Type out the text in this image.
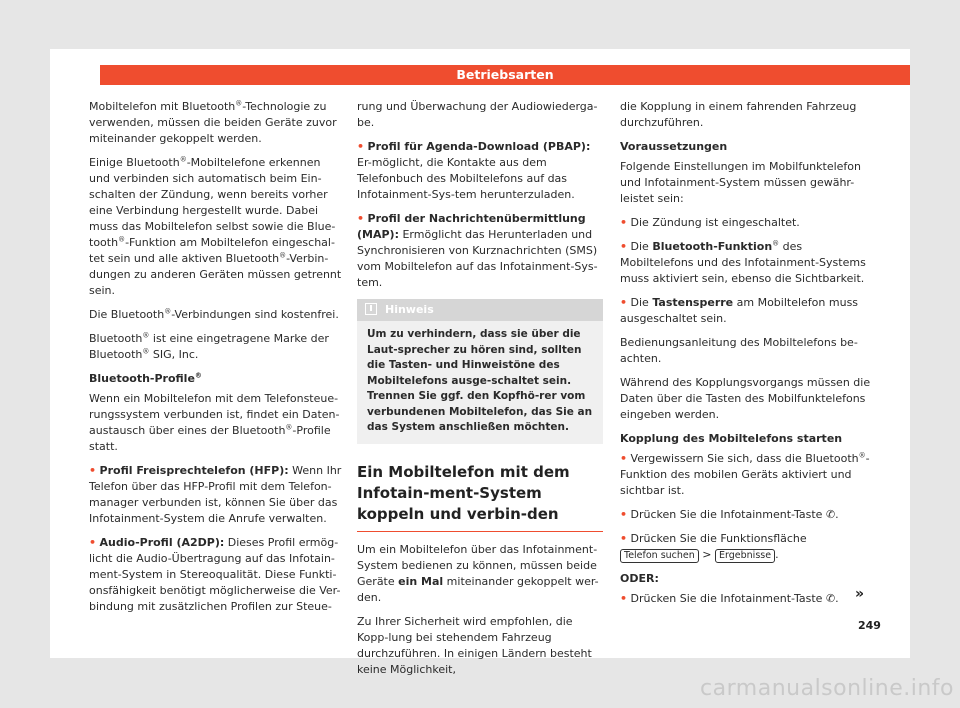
Betriebsarten

Mobiltelefon mit Bluetooth®-Technologie zu verwenden, müssen die beiden Geräte zuvor miteinander gekoppelt werden.

Einige Bluetooth®-Mobiltelefone erkennen und verbinden sich automatisch beim Ein-schalten der Zündung, wenn bereits vorher eine Verbindung hergestellt wurde. Dabei muss das Mobiltelefon selbst sowie die Blue-tooth®-Funktion am Mobiltelefon eingeschal-tet sein und alle aktiven Bluetooth®-Verbin-dungen zu anderen Geräten müssen getrennt sein.

Die Bluetooth®-Verbindungen sind kostenfrei.

Bluetooth® ist eine eingetragene Marke der Bluetooth® SIG, Inc.

Bluetooth-Profile®

Wenn ein Mobiltelefon mit dem Telefonsteue-rungssystem verbunden ist, findet ein Daten-austausch über eines der Bluetooth®-Profile statt.

• Profil Freisprechtelefon (HFP): Wenn Ihr Telefon über das HFP-Profil mit dem Telefon-manager verbunden ist, können Sie über das Infotainment-System die Anrufe verwalten.

• Audio-Profil (A2DP): Dieses Profil ermög-licht die Audio-Übertragung auf das Infotain-ment-System in Stereoqualität. Diese Funkti-onsfähigkeit benötigt möglicherweise die Ver-bindung mit zusätzlichen Profilen zur Steue-

rung und Überwachung der Audiowiederga-be.

• Profil für Agenda-Download (PBAP): Er-möglicht, die Kontakte aus dem Telefonbuch des Mobiltelefons auf das Infotainment-Sys-tem herunterzuladen.

• Profil der Nachrichtenübermittlung (MAP): Ermöglicht das Herunterladen und Synchronisieren von Kurznachrichten (SMS) vom Mobiltelefon auf das Infotainment-Sys-tem.

Hinweis
Um zu verhindern, dass sie über die Laut-sprecher zu hören sind, sollten die Tasten- und Hinweistöne des Mobiltelefons ausge-schaltet sein. Trennen Sie ggf. den Kopfhö-rer vom verbundenen Mobiltelefon, das Sie an das System anschließen möchten.
Ein Mobiltelefon mit dem Infotain-ment-System koppeln und verbin-den

Um ein Mobiltelefon über das Infotainment-System bedienen zu können, müssen beide Geräte ein Mal miteinander gekoppelt wer-den.

Zu Ihrer Sicherheit wird empfohlen, die Kopp-lung bei stehendem Fahrzeug durchzuführen. In einigen Ländern besteht keine Möglichkeit,

die Kopplung in einem fahrenden Fahrzeug durchzuführen.

Voraussetzungen

Folgende Einstellungen im Mobilfunktelefon und Infotainment-System müssen gewähr-leistet sein:

• Die Zündung ist eingeschaltet.

• Die Bluetooth-Funktion® des Mobiltelefons und des Infotainment-Systems muss aktiviert sein, ebenso die Sichtbarkeit.

• Die Tastensperre am Mobiltelefon muss ausgeschaltet sein.

Bedienungsanleitung des Mobiltelefons be-achten.

Während des Kopplungsvorgangs müssen die Daten über die Tasten des Mobilfunktelefons eingeben werden.

Kopplung des Mobiltelefons starten

• Vergewissern Sie sich, dass die Bluetooth®-Funktion des mobilen Geräts aktiviert und sichtbar ist.

• Drücken Sie die Infotainment-Taste ✆.

• Drücken Sie die Funktionsfläche
Telefon suchen > Ergebnisse .

ODER:

• Drücken Sie die Infotainment-Taste ✆.	»
249
carmanualsonline.info
